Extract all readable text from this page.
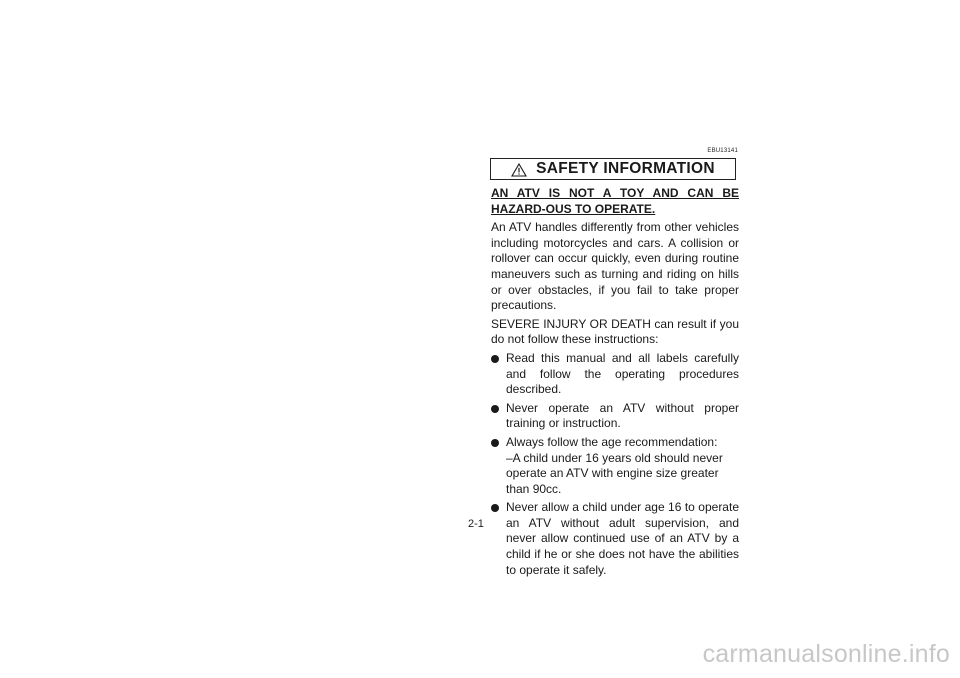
EBU13141
SAFETY INFORMATION

AN ATV IS NOT A TOY AND CAN BE HAZARD-OUS TO OPERATE.

An ATV handles differently from other vehicles including motorcycles and cars. A collision or rollover can occur quickly, even during routine maneuvers such as turning and riding on hills or over obstacles, if you fail to take proper precautions.

SEVERE INJURY OR DEATH can result if you do not follow these instructions:

Read this manual and all labels carefully and follow the operating procedures described.
Never operate an ATV without proper training or instruction.
Always follow the age recommendation:
–A child under 16 years old should never operate an ATV with engine size greater than 90cc.
Never allow a child under age 16 to operate an ATV without adult supervision, and never allow continued use of an ATV by a child if he or she does not have the abilities to operate it safely.
2-1
carmanualsonline.info
